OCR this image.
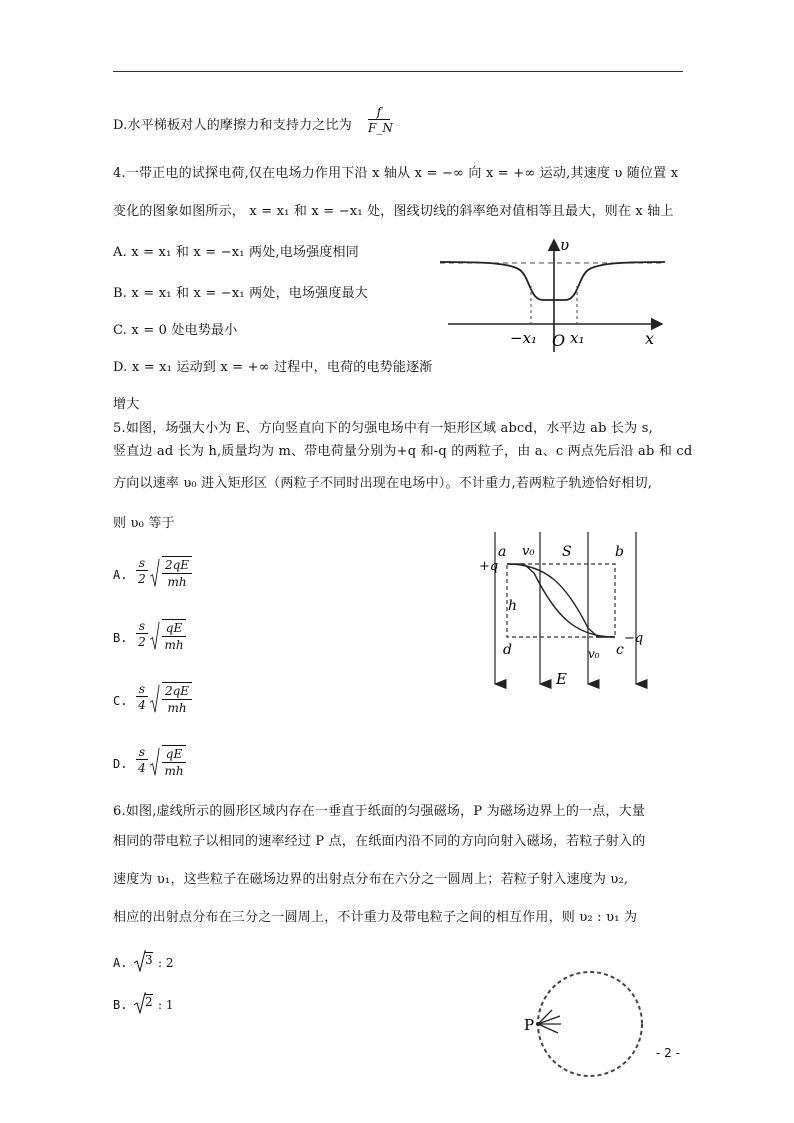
D.水平梯板对人的摩擦力和支持力之比为 $\frac{f}{F\_N}$
4.一带正电的试探电荷,仅在电场力作用下沿 x 轴从 x = −∞ 向 x = +∞ 运动,其速度 υ 随位置 x
变化的图象如图所示， x = x₁ 和 x = −x₁ 处，图线切线的斜率绝对值相等且最大，则在 x 轴上
A. x = x₁ 和 x = −x₁ 两处,电场强度相同
B. x = x₁ 和 x = −x₁ 两处，电场强度最大
C. x = 0 处电势最小
D. x = x₁ 运动到 x = +∞ 过程中，电荷的电势能逐渐
增大
υ
x
−x₁ O x₁
5.如图，场强大小为 E、方向竖直向下的匀强电场中有一矩形区域 abcd，水平边 ab 长为 s,
竖直边 ad 长为 h,质量均为 m、带电荷量分别为+q 和-q 的两粒子，由 a、c 两点先后沿 ab 和 cd
方向以速率 υ₀ 进入矩形区（两粒子不同时出现在电场中）。不计重力,若两粒子轨迹恰好相切,
则 υ₀ 等于
A. $\frac{s}{2} \frac{2qE}{mh}$
B. $\frac{s}{2} \frac{qE}{mh}$
C. $\frac{s}{4} \frac{2qE}{mh}$
D. $\frac{s}{4} \frac{qE}{mh}$
a
+q
v₀ S	b
h
−q
d	v₀ c
E
6.如图,虚线所示的圆形区域内存在一垂直于纸面的匀强磁场，P 为磁场边界上的一点，大量
相同的带电粒子以相同的速率经过 P 点，在纸面内沿不同的方向向射入磁场，若粒子射入的
速度为 υ₁，这些粒子在磁场边界的出射点分布在六分之一圆周上；若粒子射入速度为 υ₂,
相应的出射点分布在三分之一圆周上，不计重力及带电粒子之间的相互作用，则 υ₂ : υ₁ 为
A. 3 : 2
B. 2 : 1
P
- 2 -
